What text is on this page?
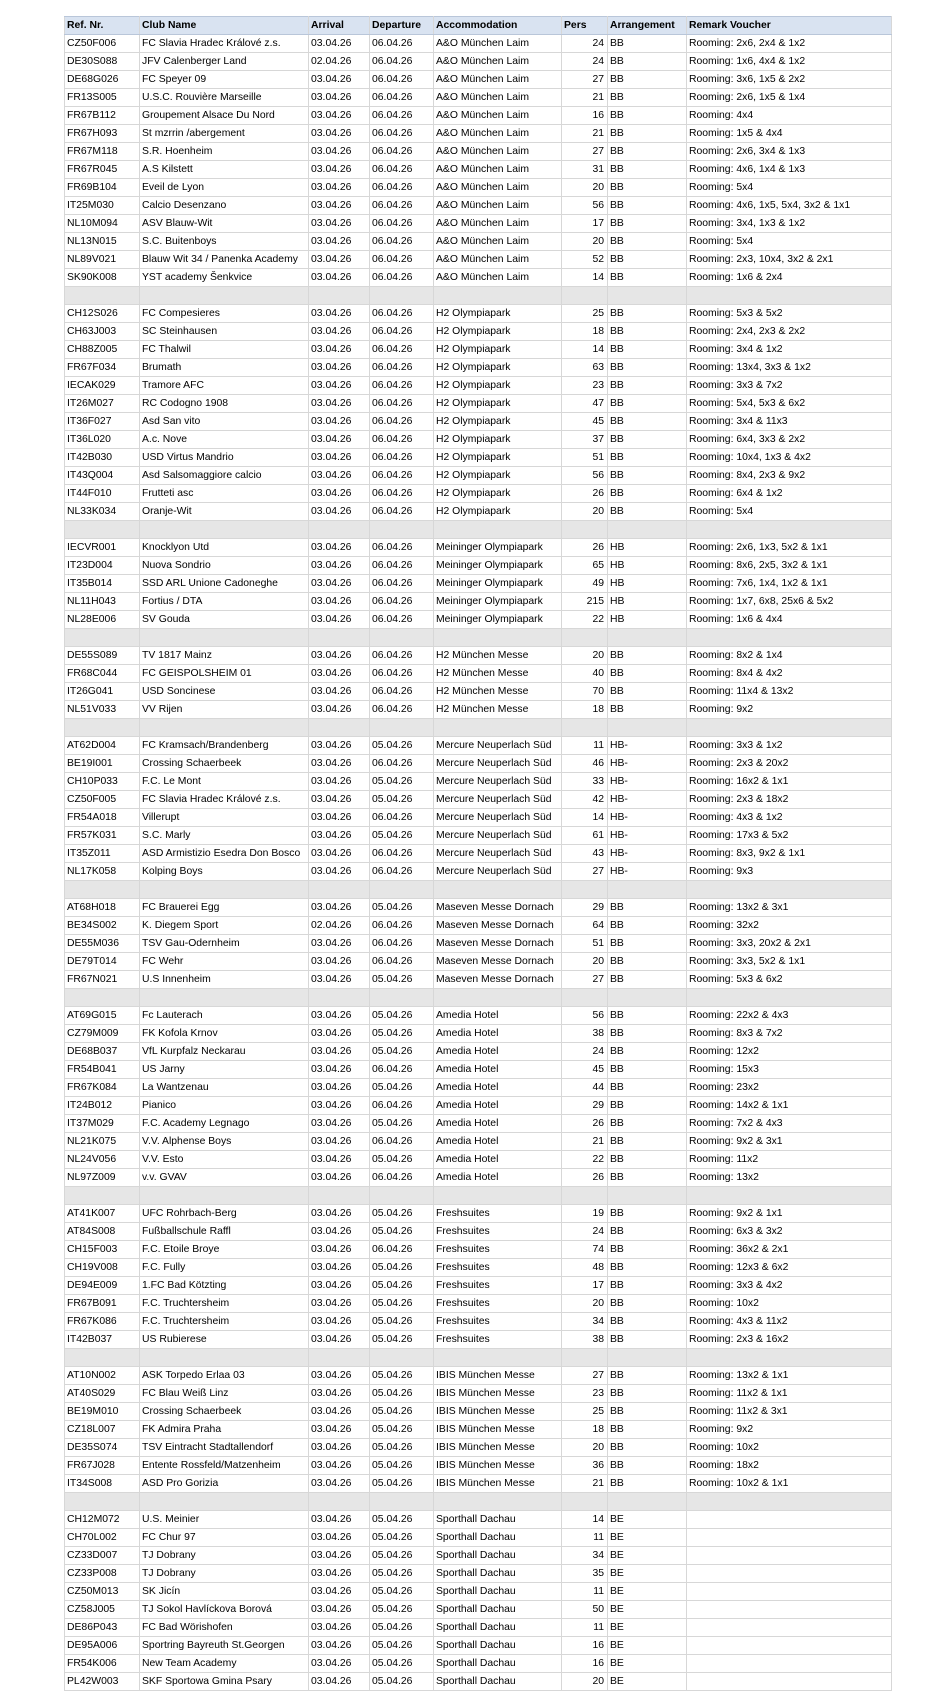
Ref. Nr.	Club Name	Arrival	Departure	Accommodation	Pers	Arrangement	Remark Voucher
CZ50F006	FC Slavia Hradec Králové z.s.	03.04.26	06.04.26	A&O München Laim	24	BB	Rooming: 2x6, 2x4 & 1x2
DE30S088	JFV Calenberger Land	02.04.26	06.04.26	A&O München Laim	24	BB	Rooming: 1x6, 4x4 & 1x2
DE68G026	FC Speyer 09	03.04.26	06.04.26	A&O München Laim	27	BB	Rooming: 3x6, 1x5 & 2x2
FR13S005	U.S.C. Rouvière Marseille	03.04.26	06.04.26	A&O München Laim	21	BB	Rooming: 2x6, 1x5 & 1x4
FR67B112	Groupement Alsace Du Nord	03.04.26	06.04.26	A&O München Laim	16	BB	Rooming: 4x4
FR67H093	St mzrrin /abergement	03.04.26	06.04.26	A&O München Laim	21	BB	Rooming: 1x5 & 4x4
FR67M118	S.R. Hoenheim	03.04.26	06.04.26	A&O München Laim	27	BB	Rooming: 2x6, 3x4 & 1x3
FR67R045	A.S Kilstett	03.04.26	06.04.26	A&O München Laim	31	BB	Rooming: 4x6, 1x4 & 1x3
FR69B104	Eveil de Lyon	03.04.26	06.04.26	A&O München Laim	20	BB	Rooming: 5x4
IT25M030	Calcio Desenzano	03.04.26	06.04.26	A&O München Laim	56	BB	Rooming: 4x6, 1x5, 5x4, 3x2 & 1x1
NL10M094	ASV Blauw-Wit	03.04.26	06.04.26	A&O München Laim	17	BB	Rooming: 3x4, 1x3 & 1x2
NL13N015	S.C. Buitenboys	03.04.26	06.04.26	A&O München Laim	20	BB	Rooming: 5x4
NL89V021	Blauw Wit 34 / Panenka Academy	03.04.26	06.04.26	A&O München Laim	52	BB	Rooming: 2x3, 10x4, 3x2 & 2x1
SK90K008	YST academy Šenkvice	03.04.26	06.04.26	A&O München Laim	14	BB	Rooming: 1x6 & 2x4

CH12S026	FC Compesieres	03.04.26	06.04.26	H2 Olympiapark	25	BB	Rooming: 5x3 & 5x2
CH63J003	SC Steinhausen	03.04.26	06.04.26	H2 Olympiapark	18	BB	Rooming: 2x4, 2x3 & 2x2
CH88Z005	FC Thalwil	03.04.26	06.04.26	H2 Olympiapark	14	BB	Rooming: 3x4 & 1x2
FR67F034	Brumath	03.04.26	06.04.26	H2 Olympiapark	63	BB	Rooming: 13x4, 3x3 & 1x2
IECAK029	Tramore AFC	03.04.26	06.04.26	H2 Olympiapark	23	BB	Rooming: 3x3 & 7x2
IT26M027	RC Codogno 1908	03.04.26	06.04.26	H2 Olympiapark	47	BB	Rooming: 5x4, 5x3 & 6x2
IT36F027	Asd San vito	03.04.26	06.04.26	H2 Olympiapark	45	BB	Rooming: 3x4 & 11x3
IT36L020	A.c. Nove	03.04.26	06.04.26	H2 Olympiapark	37	BB	Rooming: 6x4, 3x3 & 2x2
IT42B030	USD Virtus Mandrio	03.04.26	06.04.26	H2 Olympiapark	51	BB	Rooming: 10x4, 1x3 & 4x2
IT43Q004	Asd Salsomaggiore calcio	03.04.26	06.04.26	H2 Olympiapark	56	BB	Rooming: 8x4, 2x3 & 9x2
IT44F010	Frutteti asc	03.04.26	06.04.26	H2 Olympiapark	26	BB	Rooming: 6x4 & 1x2
NL33K034	Oranje-Wit	03.04.26	06.04.26	H2 Olympiapark	20	BB	Rooming: 5x4

IECVR001	Knocklyon Utd	03.04.26	06.04.26	Meininger Olympiapark	26	HB	Rooming: 2x6, 1x3, 5x2 & 1x1
IT23D004	Nuova Sondrio	03.04.26	06.04.26	Meininger Olympiapark	65	HB	Rooming: 8x6, 2x5, 3x2 & 1x1
IT35B014	SSD ARL Unione Cadoneghe	03.04.26	06.04.26	Meininger Olympiapark	49	HB	Rooming: 7x6, 1x4, 1x2 & 1x1
NL11H043	Fortius / DTA	03.04.26	06.04.26	Meininger Olympiapark	215	HB	Rooming: 1x7, 6x8, 25x6 & 5x2
NL28E006	SV Gouda	03.04.26	06.04.26	Meininger Olympiapark	22	HB	Rooming: 1x6 & 4x4

DE55S089	TV 1817 Mainz	03.04.26	06.04.26	H2 München Messe	20	BB	Rooming: 8x2 & 1x4
FR68C044	FC GEISPOLSHEIM 01	03.04.26	06.04.26	H2 München Messe	40	BB	Rooming: 8x4 & 4x2
IT26G041	USD Soncinese	03.04.26	06.04.26	H2 München Messe	70	BB	Rooming: 11x4 & 13x2
NL51V033	VV Rijen	03.04.26	06.04.26	H2 München Messe	18	BB	Rooming: 9x2

AT62D004	FC Kramsach/Brandenberg	03.04.26	05.04.26	Mercure Neuperlach Süd	11	HB-	Rooming: 3x3 & 1x2
BE19I001	Crossing Schaerbeek	03.04.26	06.04.26	Mercure Neuperlach Süd	46	HB-	Rooming: 2x3 & 20x2
CH10P033	F.C. Le Mont	03.04.26	05.04.26	Mercure Neuperlach Süd	33	HB-	Rooming: 16x2 & 1x1
CZ50F005	FC Slavia Hradec Králové z.s.	03.04.26	05.04.26	Mercure Neuperlach Süd	42	HB-	Rooming: 2x3 & 18x2
FR54A018	Villerupt	03.04.26	06.04.26	Mercure Neuperlach Süd	14	HB-	Rooming: 4x3 & 1x2
FR57K031	S.C. Marly	03.04.26	05.04.26	Mercure Neuperlach Süd	61	HB-	Rooming: 17x3 & 5x2
IT35Z011	ASD Armistizio Esedra Don Bosco	03.04.26	06.04.26	Mercure Neuperlach Süd	43	HB-	Rooming: 8x3, 9x2 & 1x1
NL17K058	Kolping Boys	03.04.26	06.04.26	Mercure Neuperlach Süd	27	HB-	Rooming: 9x3

AT68H018	FC Brauerei Egg	03.04.26	05.04.26	Maseven Messe Dornach	29	BB	Rooming: 13x2 & 3x1
BE34S002	K. Diegem Sport	02.04.26	06.04.26	Maseven Messe Dornach	64	BB	Rooming: 32x2
DE55M036	TSV Gau-Odernheim	03.04.26	06.04.26	Maseven Messe Dornach	51	BB	Rooming: 3x3, 20x2 & 2x1
DE79T014	FC Wehr	03.04.26	06.04.26	Maseven Messe Dornach	20	BB	Rooming: 3x3, 5x2 & 1x1
FR67N021	U.S Innenheim	03.04.26	05.04.26	Maseven Messe Dornach	27	BB	Rooming: 5x3 & 6x2

AT69G015	Fc Lauterach	03.04.26	05.04.26	Amedia Hotel	56	BB	Rooming: 22x2 & 4x3
CZ79M009	FK Kofola Krnov	03.04.26	05.04.26	Amedia Hotel	38	BB	Rooming: 8x3 & 7x2
DE68B037	VfL Kurpfalz Neckarau	03.04.26	05.04.26	Amedia Hotel	24	BB	Rooming: 12x2
FR54B041	US Jarny	03.04.26	06.04.26	Amedia Hotel	45	BB	Rooming: 15x3
FR67K084	La Wantzenau	03.04.26	05.04.26	Amedia Hotel	44	BB	Rooming: 23x2
IT24B012	Pianico	03.04.26	06.04.26	Amedia Hotel	29	BB	Rooming: 14x2 & 1x1
IT37M029	F.C. Academy Legnago	03.04.26	05.04.26	Amedia Hotel	26	BB	Rooming: 7x2 & 4x3
NL21K075	V.V. Alphense Boys	03.04.26	06.04.26	Amedia Hotel	21	BB	Rooming: 9x2 & 3x1
NL24V056	V.V. Esto	03.04.26	05.04.26	Amedia Hotel	22	BB	Rooming: 11x2
NL97Z009	v.v. GVAV	03.04.26	06.04.26	Amedia Hotel	26	BB	Rooming: 13x2

AT41K007	UFC Rohrbach-Berg	03.04.26	05.04.26	Freshsuites	19	BB	Rooming: 9x2 & 1x1
AT84S008	Fußballschule Raffl	03.04.26	05.04.26	Freshsuites	24	BB	Rooming: 6x3 & 3x2
CH15F003	F.C. Etoile Broye	03.04.26	06.04.26	Freshsuites	74	BB	Rooming: 36x2 & 2x1
CH19V008	F.C. Fully	03.04.26	05.04.26	Freshsuites	48	BB	Rooming: 12x3 & 6x2
DE94E009	1.FC Bad Kötzting	03.04.26	05.04.26	Freshsuites	17	BB	Rooming: 3x3 & 4x2
FR67B091	F.C. Truchtersheim	03.04.26	05.04.26	Freshsuites	20	BB	Rooming: 10x2
FR67K086	F.C. Truchtersheim	03.04.26	05.04.26	Freshsuites	34	BB	Rooming: 4x3 & 11x2
IT42B037	US Rubierese	03.04.26	05.04.26	Freshsuites	38	BB	Rooming: 2x3 & 16x2

AT10N002	ASK Torpedo Erlaa 03	03.04.26	05.04.26	IBIS München Messe	27	BB	Rooming: 13x2 & 1x1
AT40S029	FC Blau Weiß Linz	03.04.26	05.04.26	IBIS München Messe	23	BB	Rooming: 11x2 & 1x1
BE19M010	Crossing Schaerbeek	03.04.26	05.04.26	IBIS München Messe	25	BB	Rooming: 11x2 & 3x1
CZ18L007	FK Admira Praha	03.04.26	05.04.26	IBIS München Messe	18	BB	Rooming: 9x2
DE35S074	TSV Eintracht Stadtallendorf	03.04.26	05.04.26	IBIS München Messe	20	BB	Rooming: 10x2
FR67J028	Entente Rossfeld/Matzenheim	03.04.26	05.04.26	IBIS München Messe	36	BB	Rooming: 18x2
IT34S008	ASD Pro Gorizia	03.04.26	05.04.26	IBIS München Messe	21	BB	Rooming: 10x2 & 1x1

CH12M072	U.S. Meinier	03.04.26	05.04.26	Sporthall Dachau	14	BE	
CH70L002	FC Chur 97	03.04.26	05.04.26	Sporthall Dachau	11	BE	
CZ33D007	TJ Dobrany	03.04.26	05.04.26	Sporthall Dachau	34	BE	
CZ33P008	TJ Dobrany	03.04.26	05.04.26	Sporthall Dachau	35	BE	
CZ50M013	SK Jicín	03.04.26	05.04.26	Sporthall Dachau	11	BE	
CZ58J005	TJ Sokol Havlíckova Borová	03.04.26	05.04.26	Sporthall Dachau	50	BE	
DE86P043	FC Bad Wörishofen	03.04.26	05.04.26	Sporthall Dachau	11	BE	
DE95A006	Sportring Bayreuth St.Georgen	03.04.26	05.04.26	Sporthall Dachau	16	BE	
FR54K006	New Team Academy	03.04.26	05.04.26	Sporthall Dachau	16	BE	
PL42W003	SKF Sportowa Gmina Psary	03.04.26	05.04.26	Sporthall Dachau	20	BE	
